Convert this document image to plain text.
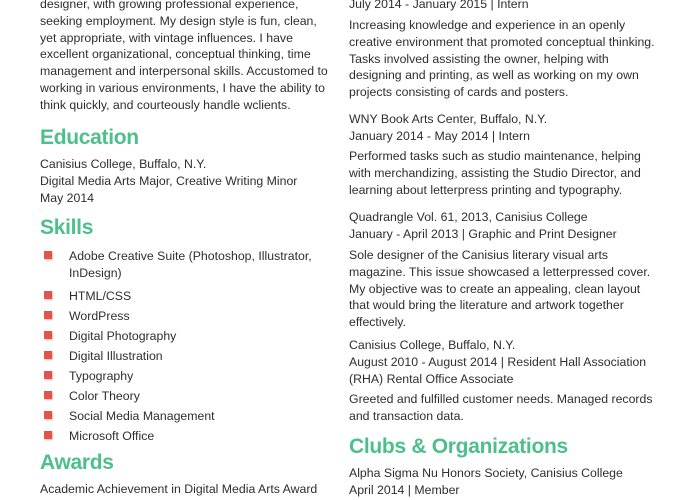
designer, with growing professional experience,

seeking employment. My design style is fun, clean,

yet appropriate, with vintage influences. I have

excellent organizational, conceptual thinking, time

management and interpersonal skills. Accustomed to

working in various environments, I have the ability to

think quickly, and courteously handle wclients.

Education

Canisius College, Buffalo, N.Y.

Digital Media Arts Major, Creative Writing Minor

May 2014

Skills
Adobe Creative Suite (Photoshop, Illustrator,
InDesign)
HTML/CSS
WordPress
Digital Photography
Digital Illustration
Typography
Color Theory
Social Media Management
Microsoft Office
Awards

Academic Achievement in Digital Media Arts Award

July 2014 - January 2015 | Intern

Increasing knowledge and experience in an openly creative environment that promoted conceptual thinking. Tasks involved assisting the owner, helping with designing and printing, as well as working on my own projects consisting of cards and posters.

WNY Book Arts Center, Buffalo, N.Y.

January 2014 - May 2014 | Intern

Performed tasks such as studio maintenance, helping with merchandizing, assisting the Studio Director, and learning about letterpress printing and typography.

Quadrangle Vol. 61, 2013, Canisius College

January - April 2013 | Graphic and Print Designer

Sole designer of the Canisius literary visual arts magazine. This issue showcased a letterpressed cover. My objective was to create an appealing, clean layout that would bring the literature and artwork together effectively.

Canisius College, Buffalo, N.Y.

August 2010 - August 2014 | Resident Hall Association (RHA) Rental Office Associate

Greeted and fulfilled customer needs. Managed records and transaction data.

Clubs & Organizations

Alpha Sigma Nu Honors Society, Canisius College

April 2014 | Member
